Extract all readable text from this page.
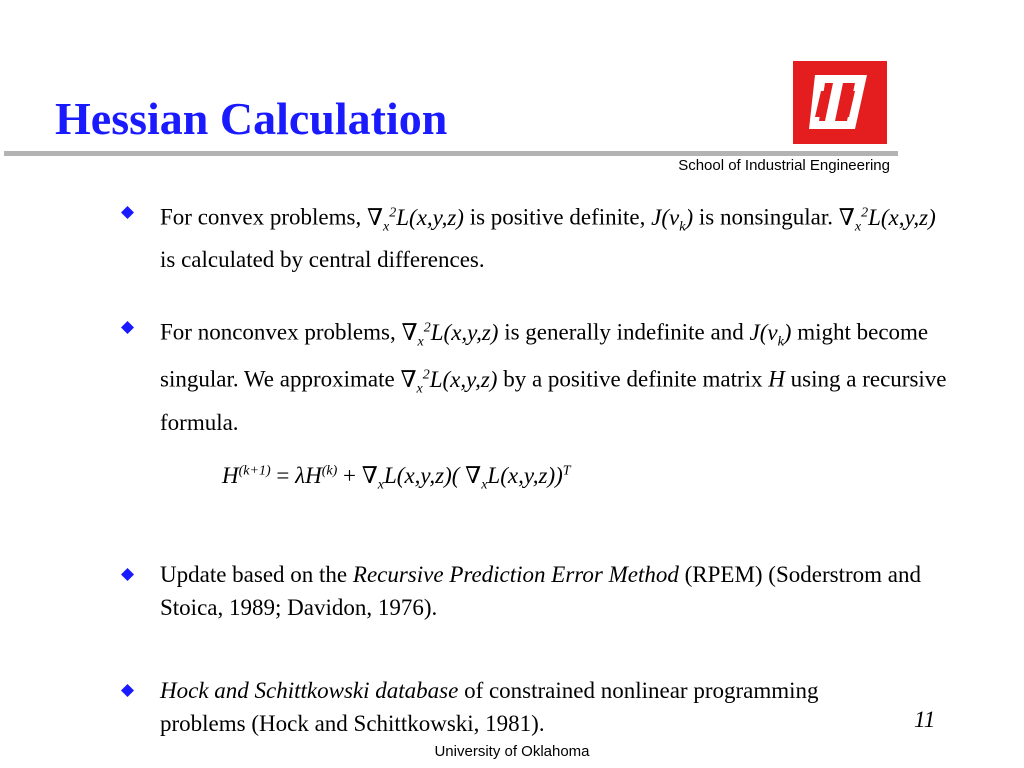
Hessian Calculation
School of Industrial Engineering
For convex problems, $\nabla_x^2L(x,y,z)$ is positive definite, $J(v_k)$ is nonsingular. $\nabla_x^2L(x,y,z)$ is calculated by central differences.
For nonconvex problems, $\nabla_x^2L(x,y,z)$ is generally indefinite and $J(v_k)$ might become singular. We approximate $\nabla_x^2L(x,y,z)$ by a positive definite matrix H using a recursive formula.
$H^{(k+1)} = \lambda H^{(k)} + \nabla_xL(x,y,z)$( $\nabla_xL(x,y,z))^T$
Update based on the Recursive Prediction Error Method (RPEM) (Soderstrom and Stoica, 1989; Davidon, 1976).
Hock and Schittkowski database of constrained nonlinear programming problems (Hock and Schittkowski, 1981).	11
University of Oklahoma
